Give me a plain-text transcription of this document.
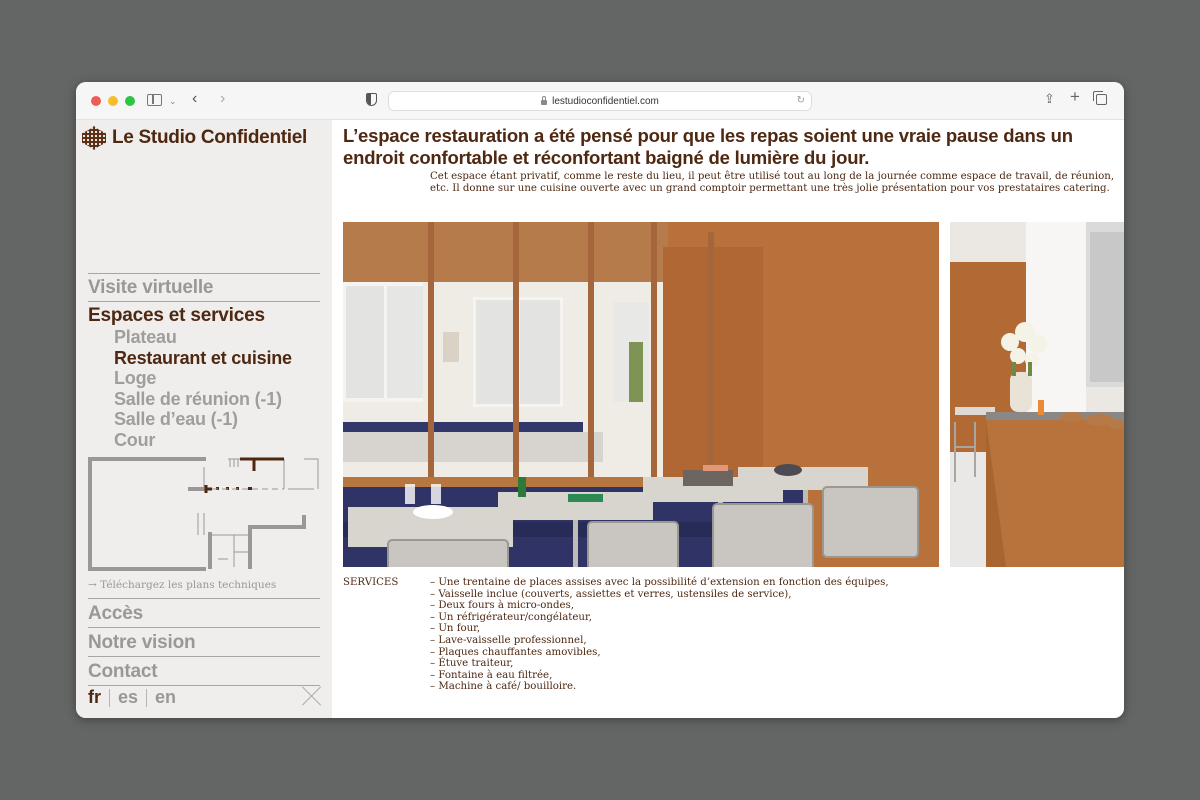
⌄ ‹ ›	lestudioconfidentiel.com	↻	⇪ +
Le Studio Confidentiel
Visite virtuelle
Espaces et services
Plateau
Restaurant et cuisine
Loge
Salle de réunion (-1)
Salle d’eau (-1)
Cour
→ Téléchargez les plans techniques
Accès
Notre vision
Contact
fr es en
L’espace restauration a été pensé pour que les repas soient une vraie pause dans un endroit confortable et réconfortant baigné de lumière du jour.

Cet espace étant privatif, comme le reste du lieu, il peut être utilisé tout au long de la journée comme espace de travail, de réunion, etc. Il donne sur une cuisine ouverte avec un grand comptoir permettant une très jolie présentation pour vos prestataires catering.

SERVICES	– Une trentaine de places assises avec la possibilité d’extension en fonction des équipes,
– Vaisselle inclue (couverts, assiettes et verres, ustensiles de service),
– Deux fours à micro-ondes,
– Un réfrigérateur/congélateur,
– Un four,
– Lave-vaisselle professionnel,
– Plaques chauffantes amovibles,
– Étuve traiteur,
– Fontaine à eau filtrée,
– Machine à café/ bouilloire.
